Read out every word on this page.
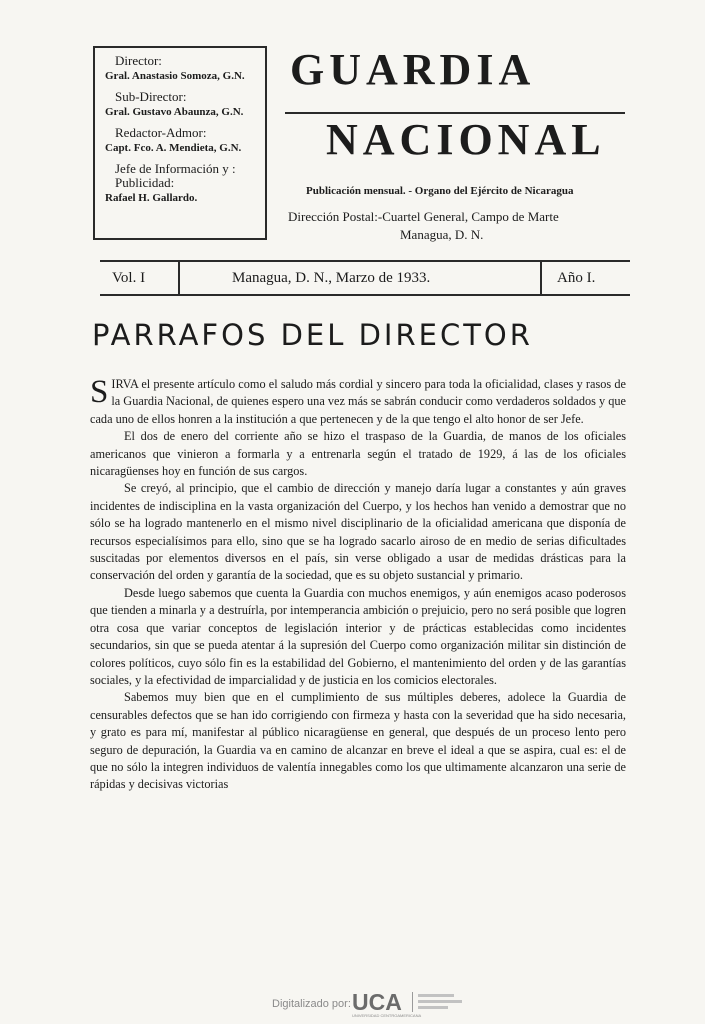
Director:

Gral. Anastasio Somoza, G.N.

Sub-Director:

Gral. Gustavo Abaunza, G.N.

Redactor-Admor:

Capt. Fco. A. Mendieta, G.N.

Jefe de Información y : Publicidad:

Rafael H. Gallardo.

GUARDIA
NACIONAL
Publicación mensual. - Organo del Ejército de Nicaragua
Dirección Postal:-Cuartel General, Campo de Marte
Managua, D. N.
Vol. I	Managua, D. N., Marzo de 1933.	Año I.
PARRAFOS DEL DIRECTOR

SIRVA el presente artículo como el saludo más cordial y sincero para toda la oficialidad, clases y rasos de la Guardia Nacional, de quienes espero una vez más se sabrán conducir como verdaderos soldados y que cada uno de ellos honren a la institución a que pertenecen y de la que tengo el alto honor de ser Jefe.

El dos de enero del corriente año se hizo el traspaso de la Guardia, de manos de los oficiales americanos que vinieron a formarla y a entrenarla según el tratado de 1929, á las de los oficiales nicaragüenses hoy en función de sus cargos.

Se creyó, al principio, que el cambio de dirección y manejo daría lugar a constantes y aún graves incidentes de indisciplina en la vasta organización del Cuerpo, y los hechos han venido a demostrar que no sólo se ha logrado mantenerlo en el mismo nivel disciplinario de la oficialidad americana que disponía de recursos especialísimos para ello, sino que se ha logrado sacarlo airoso de en medio de serias dificultades suscitadas por elementos diversos en el país, sin verse obligado a usar de medidas drásticas para la conservación del orden y garantía de la sociedad, que es su objeto sustancial y primario.

Desde luego sabemos que cuenta la Guardia con muchos enemigos, y aún enemigos acaso poderosos que tienden a minarla y a destruírla, por intemperancia ambición o prejuicio, pero no será posible que logren otra cosa que variar conceptos de legislación interior y de prácticas establecidas como incidentes secundarios, sin que se pueda atentar á la supresión del Cuerpo como organización militar sin distinción de colores políticos, cuyo sólo fin es la estabilidad del Gobierno, el mantenimiento del orden y de las garantías sociales, y la efectividad de imparcialidad y de justicia en los comicios electorales.

Sabemos muy bien que en el cumplimiento de sus múltiples deberes, adolece la Guardia de censurables defectos que se han ido corrigiendo con firmeza y hasta con la severidad que ha sido necesaria, y grato es para mí, manifestar al público nicaragüense en general, que después de un proceso lento pero seguro de depuración, la Guardia va en camino de alcanzar en breve el ideal a que se aspira, cual es: el de que no sólo la integren individuos de valentía innegables como los que ultimamente alcanzaron una serie de rápidas y decisivas victorias

Digitalizado por: UCA
UNIVERSIDAD CENTROAMERICANA
